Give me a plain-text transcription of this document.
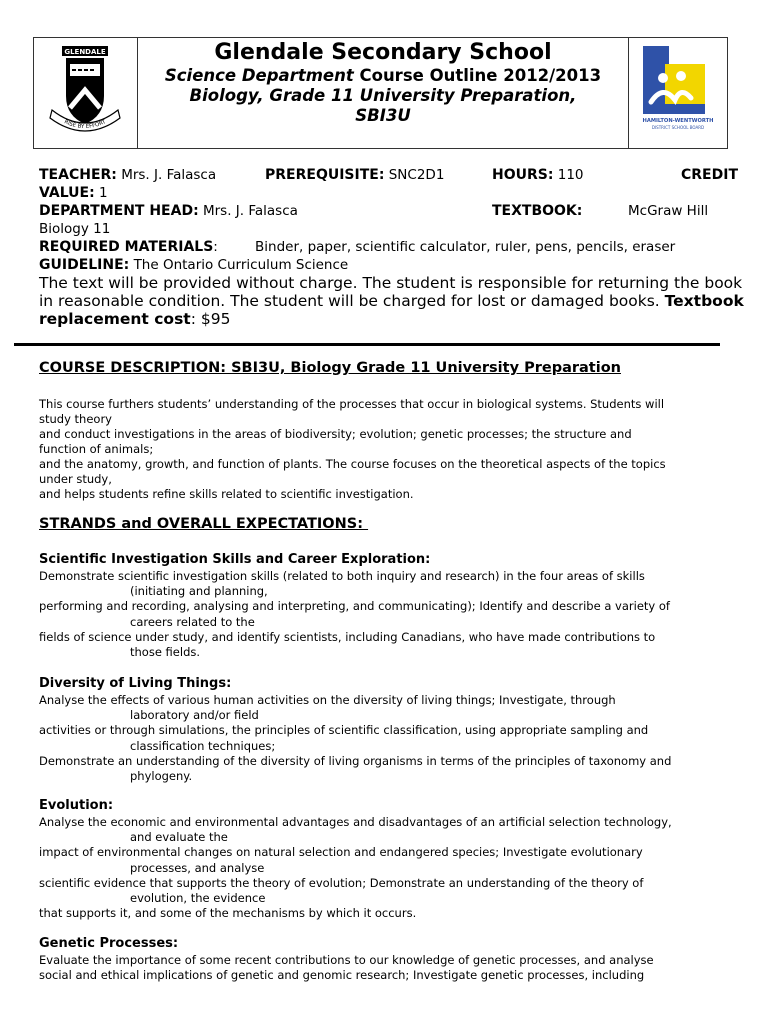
GLENDALE
RISE BY EFFORT
Glendale Secondary School
Science Department Course Outline 2012/2013
Biology, Grade 11 University Preparation,
SBI3U	HAMILTON-WENTWORTH
DISTRICT SCHOOL BOARD
TEACHER: Mrs. J. Falasca	PREREQUISITE: SNC2D1	HOURS: 110	CREDIT
VALUE: 1
DEPARTMENT HEAD: Mrs. J. Falasca	TEXTBOOK:	McGraw Hill
Biology 11
REQUIRED MATERIALS:	Binder, paper, scientific calculator, ruler, pens, pencils, eraser
GUIDELINE: The Ontario Curriculum Science
The text will be provided without charge. The student is responsible for returning the book
in reasonable condition. The student will be charged for lost or damaged books. Textbook
replacement cost: $95
COURSE DESCRIPTION: SBI3U, Biology Grade 11 University Preparation
This course furthers students’ understanding of the processes that occur in biological systems. Students will
study theory
and conduct investigations in the areas of biodiversity; evolution; genetic processes; the structure and
function of animals;
and the anatomy, growth, and function of plants. The course focuses on the theoretical aspects of the topics
under study,
and helps students refine skills related to scientific investigation.
STRANDS and OVERALL EXPECTATIONS:
Scientific Investigation Skills and Career Exploration:
Demonstrate scientific investigation skills (related to both inquiry and research) in the four areas of skills
(initiating and planning,
performing and recording, analysing and interpreting, and communicating); Identify and describe a variety of
careers related to the
fields of science under study, and identify scientists, including Canadians, who have made contributions to
those fields.
Diversity of Living Things:
Analyse the effects of various human activities on the diversity of living things; Investigate, through
laboratory and/or field
activities or through simulations, the principles of scientific classification, using appropriate sampling and
classification techniques;
Demonstrate an understanding of the diversity of living organisms in terms of the principles of taxonomy and
phylogeny.
Evolution:
Analyse the economic and environmental advantages and disadvantages of an artificial selection technology,
and evaluate the
impact of environmental changes on natural selection and endangered species; Investigate evolutionary
processes, and analyse
scientific evidence that supports the theory of evolution; Demonstrate an understanding of the theory of
evolution, the evidence
that supports it, and some of the mechanisms by which it occurs.
Genetic Processes:
Evaluate the importance of some recent contributions to our knowledge of genetic processes, and analyse
social and ethical implications of genetic and genomic research; Investigate genetic processes, including
